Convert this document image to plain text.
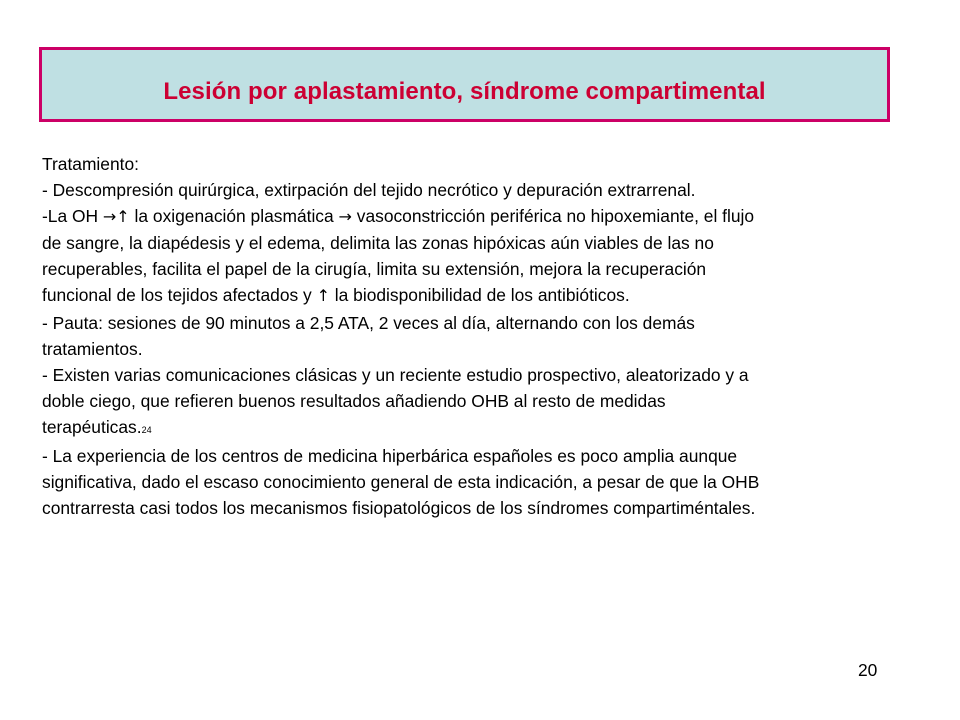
Lesión por aplastamiento, síndrome compartimental
Tratamiento:
- Descompresión quirúrgica, extirpación del tejido necrótico y depuración extrarrenal.
-La OH →↑ la oxigenación plasmática → vasoconstricción periférica no hipoxemiante, el flujo
de sangre, la diapédesis y el edema, delimita las zonas hipóxicas aún viables de las no
recuperables, facilita el papel de la cirugía, limita su extensión, mejora la recuperación
funcional de los tejidos afectados y ↑ la biodisponibilidad de los antibióticos.
- Pauta: sesiones de 90 minutos a 2,5 ATA, 2 veces al día, alternando con los demás
tratamientos.
- Existen varias comunicaciones clásicas y un reciente estudio prospectivo, aleatorizado y a
doble ciego, que refieren buenos resultados añadiendo OHB al resto de medidas
terapéuticas.24
- La experiencia de los centros de medicina hiperbárica españoles es poco amplia aunque
significativa, dado el escaso conocimiento general de esta indicación, a pesar de que la OHB
contrarresta casi todos los mecanismos fisiopatológicos de los síndromes compartiméntales.
20
